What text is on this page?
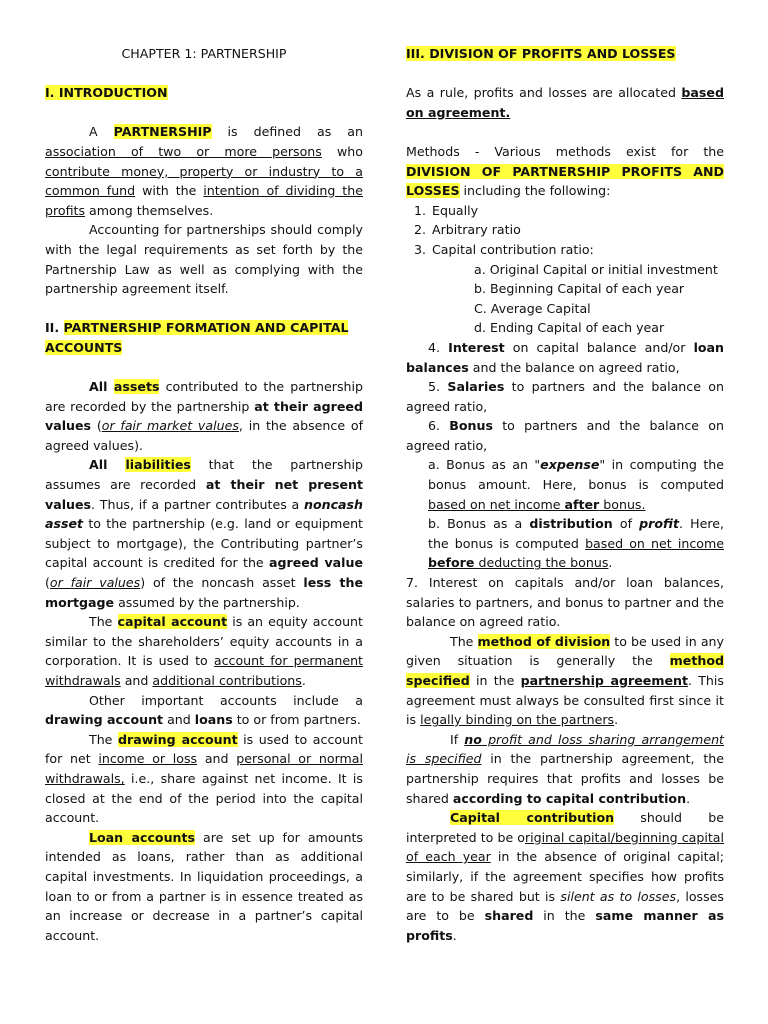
CHAPTER 1: PARTNERSHIP

I. INTRODUCTION

A PARTNERSHIP is defined as an association of two or more persons who contribute money, property or industry to a common fund with the intention of dividing the profits among themselves.

Accounting for partnerships should comply with the legal requirements as set forth by the Partnership Law as well as complying with the partnership agreement itself.

II. PARTNERSHIP FORMATION AND CAPITAL ACCOUNTS

All assets contributed to the partnership are recorded by the partnership at their agreed values (or fair market values, in the absence of agreed values).

All liabilities that the partnership assumes are recorded at their net present values. Thus, if a partner contributes a noncash asset to the partnership (e.g. land or equipment subject to mortgage), the Contributing partner’s capital account is credited for the agreed value (or fair values) of the noncash asset less the mortgage assumed by the partnership.

The capital account is an equity account similar to the shareholders’ equity accounts in a corporation. It is used to account for permanent withdrawals and additional contributions.

Other important accounts include a drawing account and loans to or from partners.

The drawing account is used to account for net income or loss and personal or normal withdrawals, i.e., share against net income. It is closed at the end of the period into the capital account.

Loan accounts are set up for amounts intended as loans, rather than as additional capital investments. In liquidation proceedings, a loan to or from a partner is in essence treated as an increase or decrease in a partner’s capital account.

III. DIVISION OF PROFITS AND LOSSES

As a rule, profits and losses are allocated based on agreement.

Methods - Various methods exist for the DIVISION OF PARTNERSHIP PROFITS AND LOSSES including the following:

1. Equally
2. Arbitrary ratio
3. Capital contribution ratio:

a. Original Capital or initial investment

b. Beginning Capital of each year

C. Average Capital

d. Ending Capital of each year

4. Interest on capital balance and/or loan balances and the balance on agreed ratio,

5. Salaries to partners and the balance on agreed ratio,

6. Bonus to partners and the balance on agreed ratio,

a. Bonus as an "expense" in computing the bonus amount. Here, bonus is computed based on net income after bonus.

b. Bonus as a distribution of profit. Here, the bonus is computed based on net income before deducting the bonus.

7. Interest on capitals and/or loan balances, salaries to partners, and bonus to partner and the balance on agreed ratio.

The method of division to be used in any given situation is generally the method specified in the partnership agreement. This agreement must always be consulted first since it is legally binding on the partners.

If no profit and loss sharing arrangement is specified in the partnership agreement, the partnership requires that profits and losses be shared according to capital contribution.

Capital contribution should be interpreted to be original capital/beginning capital of each year in the absence of original capital; similarly, if the agreement specifies how profits are to be shared but is silent as to losses, losses are to be shared in the same manner as profits.
